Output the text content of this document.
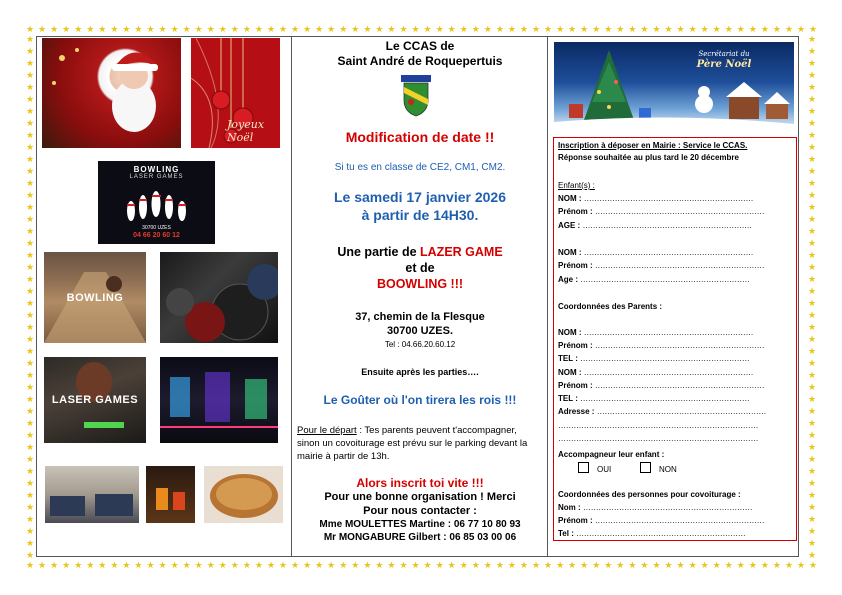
★ ★ ★ ★ ★ ★ ★ ★ ★ ★ ★ ★ ★ ★ ★ ★ ★ ★ ★ ★ ★ ★ ★ ★ ★ ★ ★ ★ ★ ★ ★ ★ ★ ★ ★ ★ ★ ★ ★ ★ ★ ★ ★ ★ ★ ★ ★ ★ ★ ★ ★ ★ ★ ★ ★ ★ ★ ★ ★ ★ ★ ★ ★ ★ ★ ★
★ ★ ★ ★ ★ ★ ★ ★ ★ ★ ★ ★ ★ ★ ★ ★ ★ ★ ★ ★ ★ ★ ★ ★ ★ ★ ★ ★ ★ ★ ★ ★ ★ ★ ★ ★ ★ ★ ★ ★ ★ ★ ★ ★ ★ ★ ★ ★ ★ ★ ★ ★ ★ ★ ★ ★ ★ ★ ★ ★ ★ ★ ★ ★ ★ ★
★
★
★
★
★
★
★
★
★
★
★
★
★
★
★
★
★
★
★
★
★
★
★
★
★
★
★
★
★
★
★
★
★
★
★
★
★
★
★
★
★
★
★
★
★
★
★
★
★
★
★
★
★
★
★
★
★
★
★
★
★
★
★
★
★
★
★
★
★
★
★
★
★
★
★
★
★
★
★
★
★
★
★
★
★
★
★
★
Joyeux Noël
BOWLING
LASER GAMES
30700 UZES
04 66 20 60 12
BOWLING
LASER GAMES
Le CCAS de
Saint André de Roquepertuis
Modification de date !!
Si tu es en classe de CE2, CM1, CM2.
Le samedi 17 janvier 2026
à partir de 14H30.
Une partie de LAZER GAME
et de
BOOWLING !!!
37, chemin de la Flesque
30700 UZES.
Tel : 04.66.20.60.12
Ensuite après les parties….
Le Goûter où l'on tirera les rois !!!
Pour le départ : Tes parents peuvent t'accompagner, sinon un covoiturage est prévu sur le parking devant la mairie à partir de 13h.
Alors inscrit toi vite !!!
Pour une bonne organisation ! Merci
Pour nous contacter :
Mme MOULETTES Martine : 06 77 10 80 93
Mr MONGABURE Gilbert : 06 85 03 00 06
Secrétariat du
Père Noël
Inscription à déposer en Mairie : Service le CCAS.
Réponse souhaitée au plus tard le 20 décembre
Enfant(s) :
NOM : …………………………………………………………
Prénom : …………………………………………………………
AGE : …………………………………………………………
NOM : …………………………………………………………
Prénom : …………………………………………………………
Age : …………………………………………………………
Coordonnées des Parents :
NOM : …………………………………………………………
Prénom : …………………………………………………………
TEL : …………………………………………………………
NOM : …………………………………………………………
Prénom : …………………………………………………………
TEL : …………………………………………………………
Adresse : …………………………………………………………
……………………………………………………………………
……………………………………………………………………
Accompagneur leur enfant :
OUI	NON
Coordonnées des personnes pour covoiturage :
Nom : …………………………………………………………
Prénom : …………………………………………………………
Tel : …………………………………………………………
